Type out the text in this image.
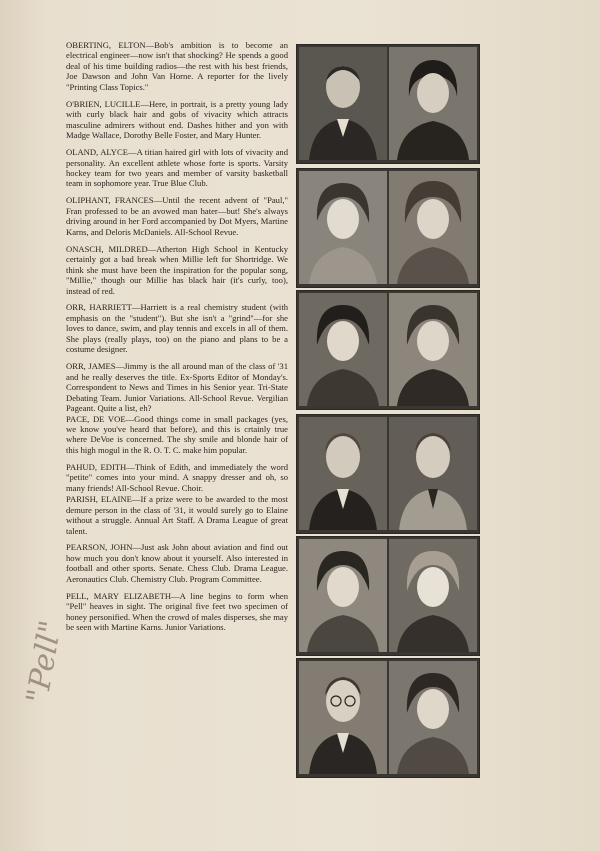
OBERTING, ELTON—Bob's ambition is to become an electrical engineer—now isn't that shocking? He spends a good deal of his time building radios—the rest with his best friends, Joe Dawson and John Van Horne. A reporter for the lively "Printing Class Topics."

O'BRIEN, LUCILLE—Here, in portrait, is a pretty young lady with curly black hair and gobs of vivacity which attracts masculine admirers without end. Dashes hither and yon with Madge Wallace, Dorothy Belle Foster, and Mary Hunter.

OLAND, ALYCE—A titian haired girl with lots of vivacity and personality. An excellent athlete whose forte is sports. Varsity hockey team for two years and member of varsity basketball team in sophomore year. True Blue Club.

OLIPHANT, FRANCES—Until the recent advent of "Paul," Fran professed to be an avowed man hater—but! She's always driving around in her Ford accompanied by Dot Myers, Martine Karns, and Deloris McDaniels. All-School Revue.

ONASCH, MILDRED—Atherton High School in Kentucky certainly got a bad break when Millie left for Shortridge. We think she must have been the inspiration for the popular song, "Millie," though our Millie has black hair (it's curly, too), instead of red.

ORR, HARRIETT—Harriett is a real chemistry student (with emphasis on the "student"). But she isn't a "grind"—for she loves to dance, swim, and play tennis and excels in all of them. She plays (really plays, too) on the piano and plans to be a costume designer.

ORR, JAMES—Jimmy is the all around man of the class of '31 and he really deserves the title. Ex-Sports Editor of Monday's. Correspondent to News and Times in his Senior year. Tri-State Debating Team. Junior Variations. All-School Revue. Vergilian Pageant. Quite a list, eh?

PACE, DE VOE—Good things come in small packages (yes, we know you've heard that before), and this is crtainly true where DeVoe is concerned. The shy smile and blonde hair of this high mogul in the R. O. T. C. make him popular.

PAHUD, EDITH—Think of Edith, and immediately the word "petite" comes into your mind. A snappy dresser and oh, so many friends! All-School Revue. Choir.

PARISH, ELAINE—If a prize were to be awarded to the most demure person in the class of '31, it would surely go to Elaine without a struggle. Annual Art Staff. A Drama League of great talent.

PEARSON, JOHN—Just ask John about aviation and find out how much you don't know about it yourself. Also interested in football and other sports. Senate. Chess Club. Drama League. Aeronautics Club. Chemistry Club. Program Committee.

PELL, MARY ELIZABETH—A line begins to form when "Pell" heaves in sight. The original five feet two specimen of honey personified. When the crowd of males disperses, she may be seen with Martine Karns. Junior Variations.

"Pell"
